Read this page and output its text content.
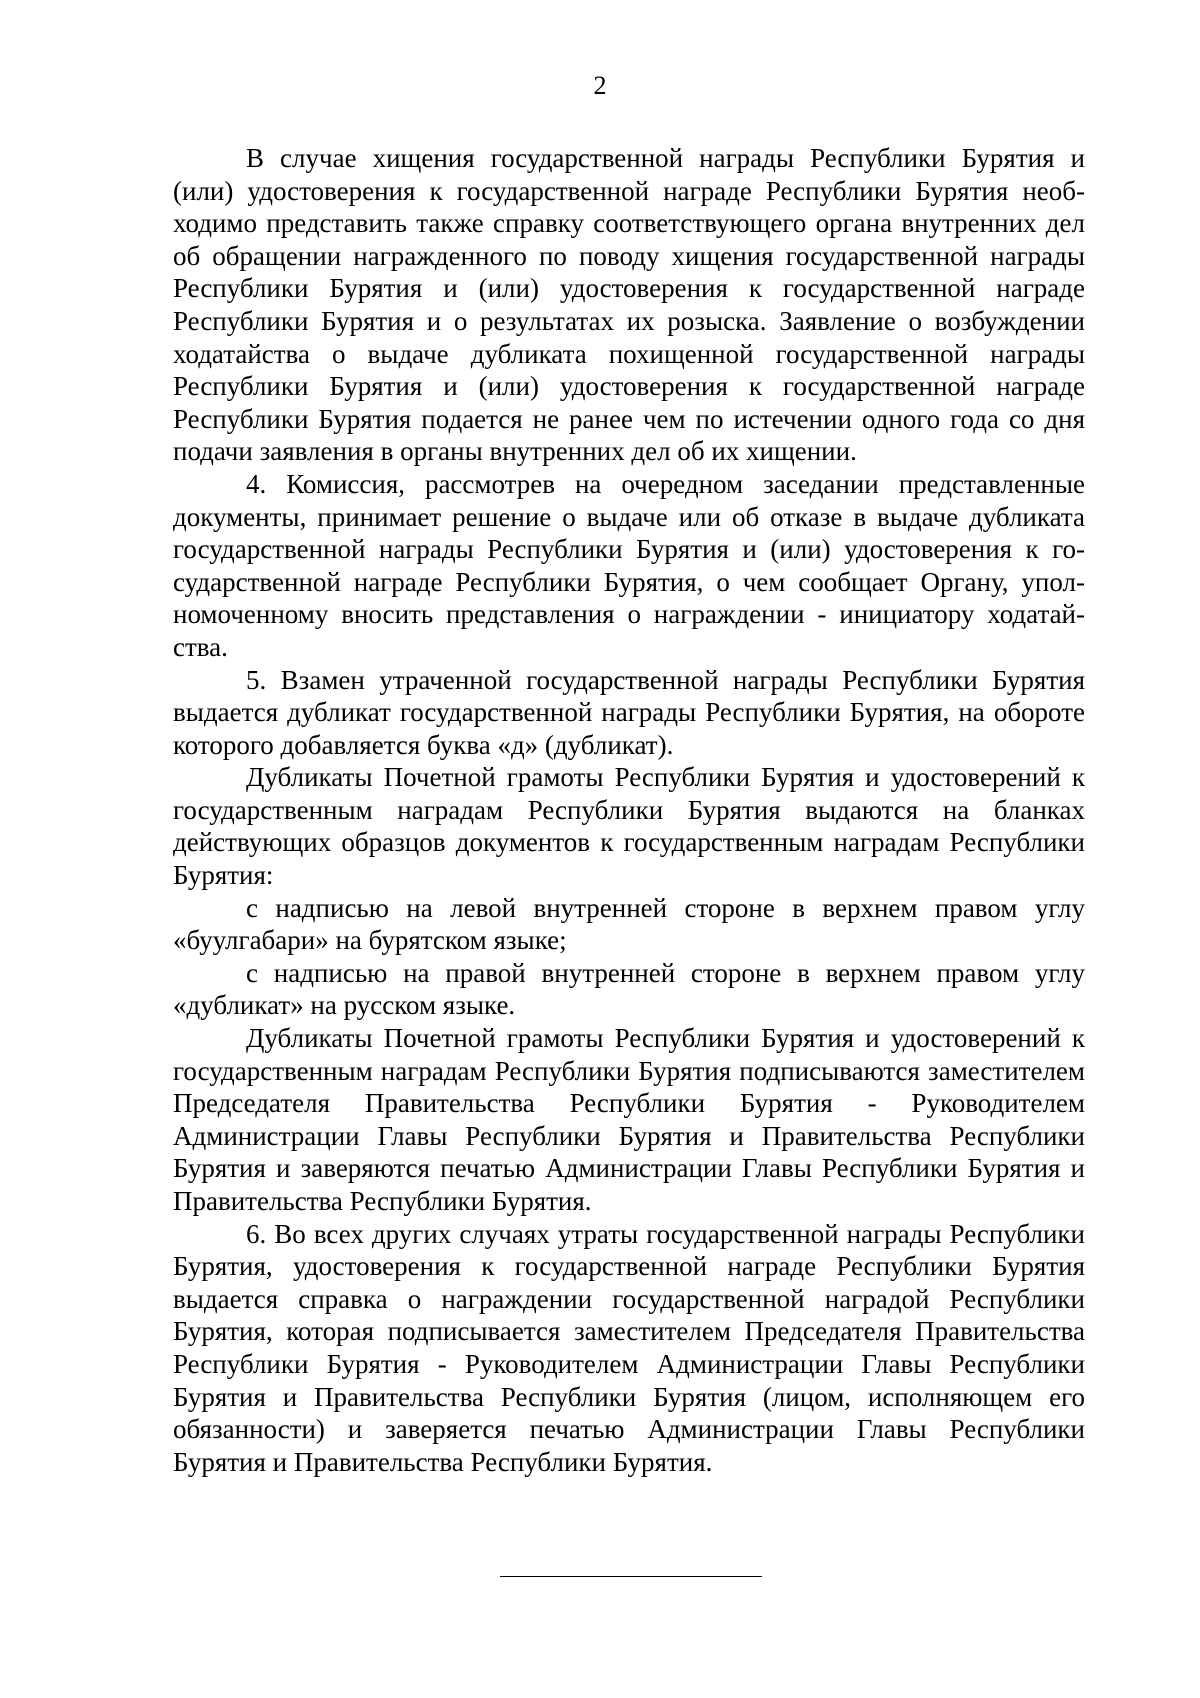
2

В случае хищения государственной награды Республики Бурятия и (или) удостоверения к государственной награде Республики Бурятия необходимо представить также справку соответствующего органа внутренних дел об обращении награжденного по поводу хищения государственной награды Республики Бурятия и (или) удостоверения к государственной награде Республики Бурятия и о результатах их розыска. Заявление о возбуждении ходатайства о выдаче дубликата похищенной государственной награды Республики Бурятия и (или) удостоверения к государственной награде Республики Бурятия подается не ранее чем по истечении одного года со дня подачи заявления в органы внутренних дел об их хищении.

4. Комиссия, рассмотрев на очередном заседании представленные документы, принимает решение о выдаче или об отказе в выдаче дубликата государственной награды Республики Бурятия и (или) удостоверения к государственной награде Республики Бурятия, о чем сообщает Органу, уполномоченному вносить представления о награждении - инициатору ходатайства.

5. Взамен утраченной государственной награды Республики Бурятия выдается дубликат государственной награды Республики Бурятия, на обороте которого добавляется буква «д» (дубликат).

Дубликаты Почетной грамоты Республики Бурятия и удостоверений к государственным наградам Республики Бурятия выдаются на бланках действующих образцов документов к государственным наградам Республики Бурятия:

с надписью на левой внутренней стороне в верхнем правом углу «буулгабари» на бурятском языке;

с надписью на правой внутренней стороне в верхнем правом углу «дубликат» на русском языке.

Дубликаты Почетной грамоты Республики Бурятия и удостоверений к государственным наградам Республики Бурятия подписываются заместителем Председателя Правительства Республики Бурятия - Руководителем Администрации Главы Республики Бурятия и Правительства Республики Бурятия и заверяются печатью Администрации Главы Республики Бурятия и Правительства Республики Бурятия.

6. Во всех других случаях утраты государственной награды Республики Бурятия, удостоверения к государственной награде Республики Бурятия выдается справка о награждении государственной наградой Республики Бурятия, которая подписывается заместителем Председателя Правительства Республики Бурятия - Руководителем Администрации Главы Республики Бурятия и Правительства Республики Бурятия (лицом, исполняющем его обязанности) и заверяется печатью Администрации Главы Республики Бурятия и Правительства Республики Бурятия.
